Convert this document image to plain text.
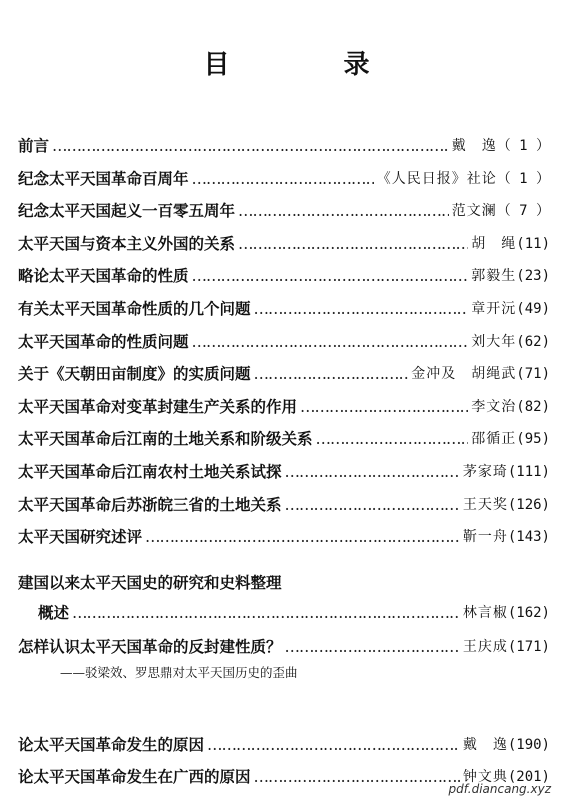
目　录
前言 …………………………………………………………………………………………………………………………………………………………………………	戴　逸 （ 1 ）
纪念太平天国革命百周年 …………………………………………………………………………………………………………………………………………………………………………	《人民日报》社论 （ 1 ）
纪念太平天国起义一百零五周年 …………………………………………………………………………………………………………………………………………………………………………	范文澜 （ 7 ）
太平天国与资本主义外国的关系 …………………………………………………………………………………………………………………………………………………………………………	胡　绳 (11)
略论太平天国革命的性质 …………………………………………………………………………………………………………………………………………………………………………	郭毅生 (23)
有关太平天国革命性质的几个问题 …………………………………………………………………………………………………………………………………………………………………………	章开沅 (49)
太平天国革命的性质问题 …………………………………………………………………………………………………………………………………………………………………………	刘大年 (62)
关于《天朝田亩制度》的实质问题 …………………………………………………………………………………………………………………………………………………………………………	金冲及　胡绳武 (71)
太平天国革命对变革封建生产关系的作用 …………………………………………………………………………………………………………………………………………………………………………	李文治 (82)
太平天国革命后江南的土地关系和阶级关系 …………………………………………………………………………………………………………………………………………………………………………	邵循正 (95)
太平天国革命后江南农村土地关系试探 …………………………………………………………………………………………………………………………………………………………………………	茅家琦 (111)
太平天国革命后苏浙皖三省的土地关系 …………………………………………………………………………………………………………………………………………………………………………	王天奖 (126)
太平天国研究述评 …………………………………………………………………………………………………………………………………………………………………………	靳一舟 (143)
建国以来太平天国史的研究和史料整理
概述 …………………………………………………………………………………………………………………………………………………………………………	林言椒 (162)
怎样认识太平天国革命的反封建性质？ …………………………………………………………………………………………………………………………………………………………………………	王庆成 (171)
——驳梁效、罗思鼎对太平天国历史的歪曲
论太平天国革命发生的原因 …………………………………………………………………………………………………………………………………………………………………………	戴　逸 (190)
论太平天国革命发生在广西的原因 …………………………………………………………………………………………………………………………………………………………………………	钟文典 (201)
pdf.diancang.xyz
